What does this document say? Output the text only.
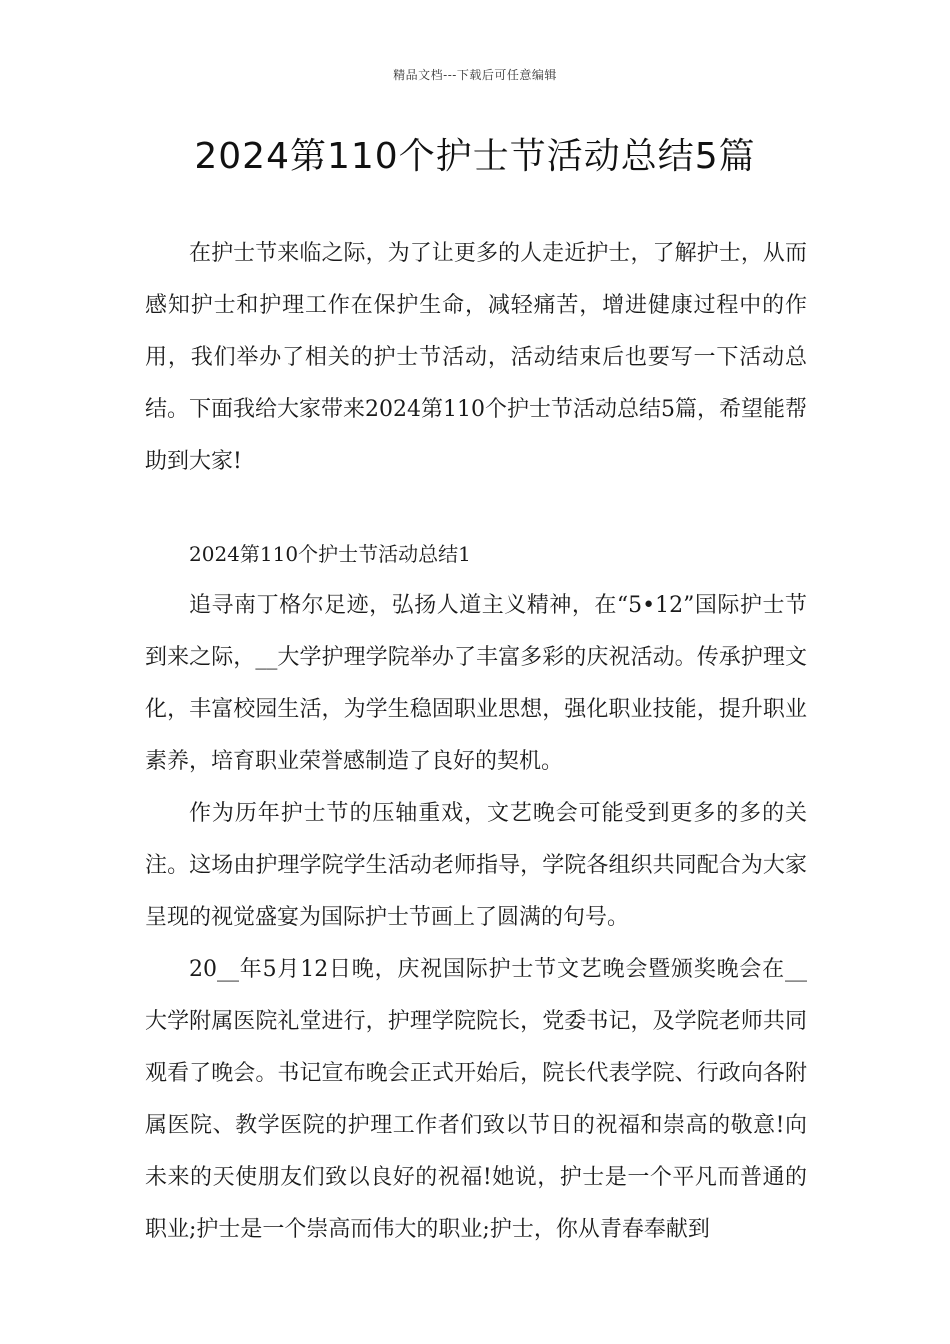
精品文档---下载后可任意编辑
2024第110个护士节活动总结5篇

在护士节来临之际，为了让更多的人走近护士，了解护士，从而感知护士和护理工作在保护生命，减轻痛苦，增进健康过程中的作用，我们举办了相关的护士节活动，活动结束后也要写一下活动总结。下面我给大家带来2024第110个护士节活动总结5篇，希望能帮助到大家!

2024第110个护士节活动总结1

追寻南丁格尔足迹，弘扬人道主义精神，在“5•12”国际护士节到来之际，__大学护理学院举办了丰富多彩的庆祝活动。传承护理文化，丰富校园生活，为学生稳固职业思想，强化职业技能，提升职业素养，培育职业荣誉感制造了良好的契机。

作为历年护士节的压轴重戏，文艺晚会可能受到更多的多的关注。这场由护理学院学生活动老师指导，学院各组织共同配合为大家呈现的视觉盛宴为国际护士节画上了圆满的句号。

20__年5月12日晚，庆祝国际护士节文艺晚会暨颁奖晚会在__大学附属医院礼堂进行，护理学院院长，党委书记，及学院老师共同观看了晚会。书记宣布晚会正式开始后，院长代表学院、行政向各附属医院、教学医院的护理工作者们致以节日的祝福和崇高的敬意!向未来的天使朋友们致以良好的祝福!她说，护士是一个平凡而普通的职业;护士是一个崇高而伟大的职业;护士，你从青春奉献到
